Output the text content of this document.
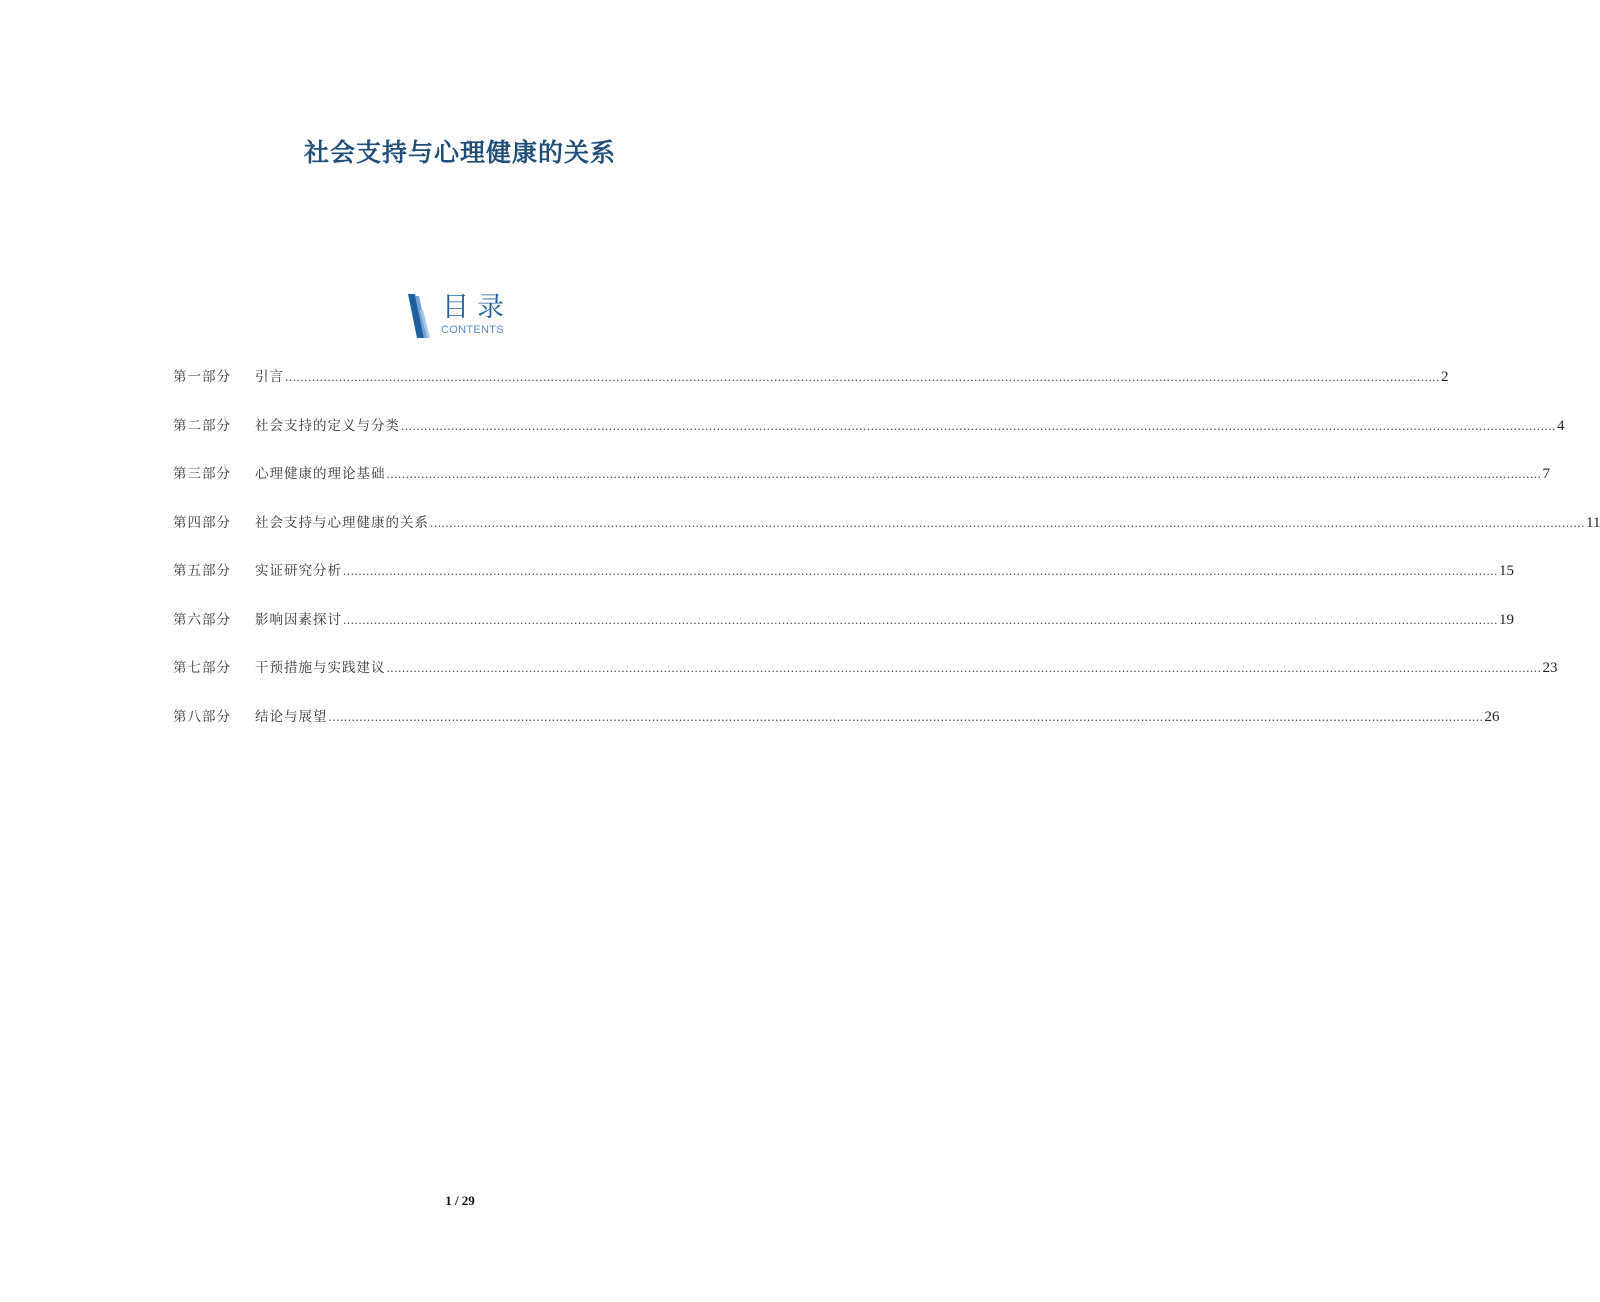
社会支持与心理健康的关系
目录
CONTENTS
第一部分	引言 ............................................................................................................................................................................................................................................................................................................ 2
第二部分	社会支持的定义与分类 ............................................................................................................................................................................................................................................................................................................ 4
第三部分	心理健康的理论基础 ............................................................................................................................................................................................................................................................................................................ 7
第四部分	社会支持与心理健康的关系 ............................................................................................................................................................................................................................................................................................................ 11
第五部分	实证研究分析 ............................................................................................................................................................................................................................................................................................................ 15
第六部分	影响因素探讨 ............................................................................................................................................................................................................................................................................................................ 19
第七部分	干预措施与实践建议 ............................................................................................................................................................................................................................................................................................................ 23
第八部分	结论与展望 ............................................................................................................................................................................................................................................................................................................ 26
1 / 29
